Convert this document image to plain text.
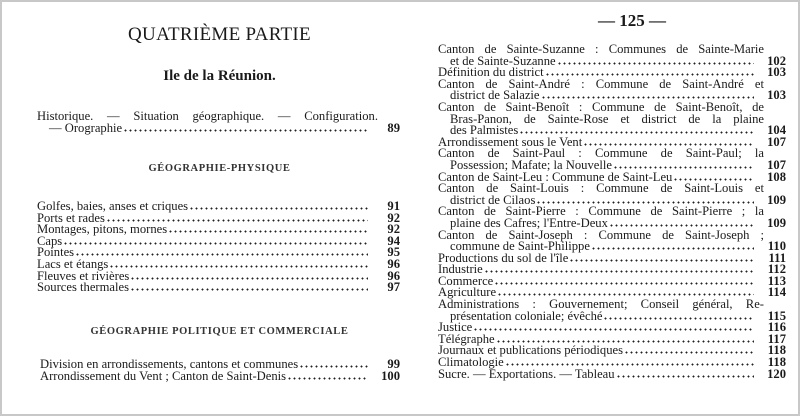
QUATRIÈME PARTIE
Ile de la Réunion.
Historique. — Situation géographique. — Configuration.
— Orographie	89
GÉOGRAPHIE-PHYSIQUE
Golfes, baies, anses et criques	91
Ports et rades	92
Montages, pitons, mornes	92
Caps	94
Pointes	95
Lacs et étangs	96
Fleuves et rivières	96
Sources thermales	97
GÉOGRAPHIE POLITIQUE ET COMMERCIALE
Division en arrondissements, cantons et communes	99
Arrondissement du Vent ; Canton de Saint-Denis	100
— 125 —
Canton de Sainte-Suzanne : Communes de Sainte-Marie
et de Sainte-Suzanne	102
Définition du district	103
Canton de Saint-André : Commune de Saint-André et
district de Salazie	103
Canton de Saint-Benoît : Commune de Saint-Benoît, de
Bras-Panon, de Sainte-Rose et district de la plaine
des Palmistes	104
Arrondissement sous le Vent	107
Canton de Saint-Paul : Commune de Saint-Paul; la
Possession; Mafate; la Nouvelle	107
Canton de Saint-Leu : Commune de Saint-Leu	108
Canton de Saint-Louis : Commune de Saint-Louis et
district de Cilaos	109
Canton de Saint-Pierre : Commune de Saint-Pierre ; la
plaine des Cafres; l'Entre-Deux	109
Canton de Saint-Joseph : Commune de Saint-Joseph ;
commune de Saint-Philippe	110
Productions du sol de l'île	111
Industrie	112
Commerce	113
Agriculture	114
Administrations : Gouvernement; Conseil général, Re-
présentation coloniale; évêché	115
Justice	116
Télégraphe	117
Journaux et publications périodiques	118
Climatologie	118
Sucre. — Exportations. — Tableau	120
